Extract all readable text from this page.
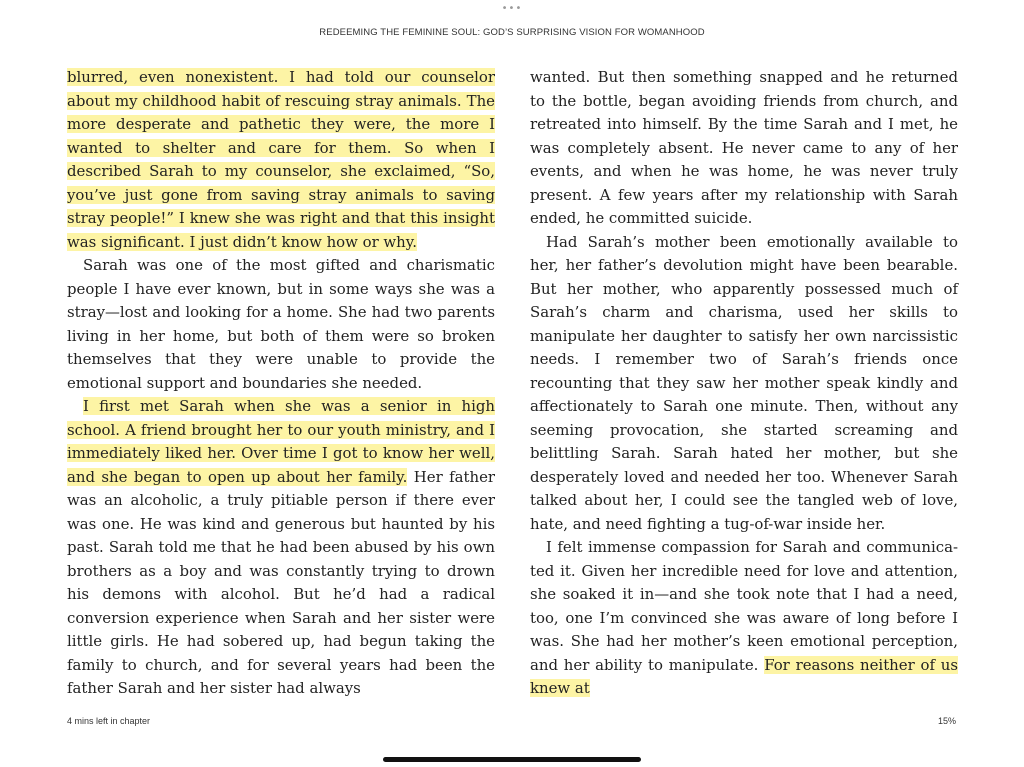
•••
REDEEMING THE FEMININE SOUL: GOD’S SURPRISING VISION FOR WOMANHOOD

blurred, even nonexistent. I had told our counselor about my childhood habit of rescuing stray animals. The more desperate and pathetic they were, the more I wanted to shelter and care for them. So when I described Sarah to my counselor, she exclaimed, “So, you’ve just gone from saving stray animals to saving stray people!” I knew she was right and that this insight was significant. I just didn’t know how or why.

Sarah was one of the most gifted and charismatic people I have ever known, but in some ways she was a stray—lost and looking for a home. She had two parents living in her home, but both of them were so broken themselves that they were unable to provide the emotional support and boundaries she needed.

I first met Sarah when she was a senior in high school. A friend brought her to our youth ministry, and I immediately liked her. Over time I got to know her well, and she began to open up about her family. Her father was an alcoholic, a truly pitiable person if there ever was one. He was kind and generous but haunted by his past. Sarah told me that he had been abused by his own brothers as a boy and was constantly trying to drown his demons with alcohol. But he’d had a radical conversion experience when Sarah and her sister were little girls. He had sobered up, had begun taking the family to church, and for several years had been the father Sarah and her sister had always

wanted. But then something snapped and he returned to the bottle, began avoiding friends from church, and retreated into himself. By the time Sarah and I met, he was completely absent. He never came to any of her events, and when he was home, he was never truly present. A few years after my relationship with Sarah ended, he committed suicide.

Had Sarah’s mother been emotionally available to her, her father’s devolution might have been bearable. But her mother, who apparently possessed much of Sarah’s charm and charisma, used her skills to manipulate her daughter to satisfy her own narcissistic needs. I remember two of Sarah’s friends once recounting that they saw her mother speak kindly and affectionately to Sarah one minute. Then, without any seeming provocation, she started screaming and belittling Sarah. Sarah hated her mother, but she desperately loved and needed her too. Whenever Sarah talked about her, I could see the tangled web of love, hate, and need fighting a tug-of-war inside her.

I felt immense compassion for Sarah and communicated it. Given her incredible need for love and attention, she soaked it in—and she took note that I had a need, too, one I’m convinced she was aware of long before I was. She had her mother’s keen emotional perception, and her ability to manipulate. For reasons neither of us knew at

4 mins left in chapter	15%
